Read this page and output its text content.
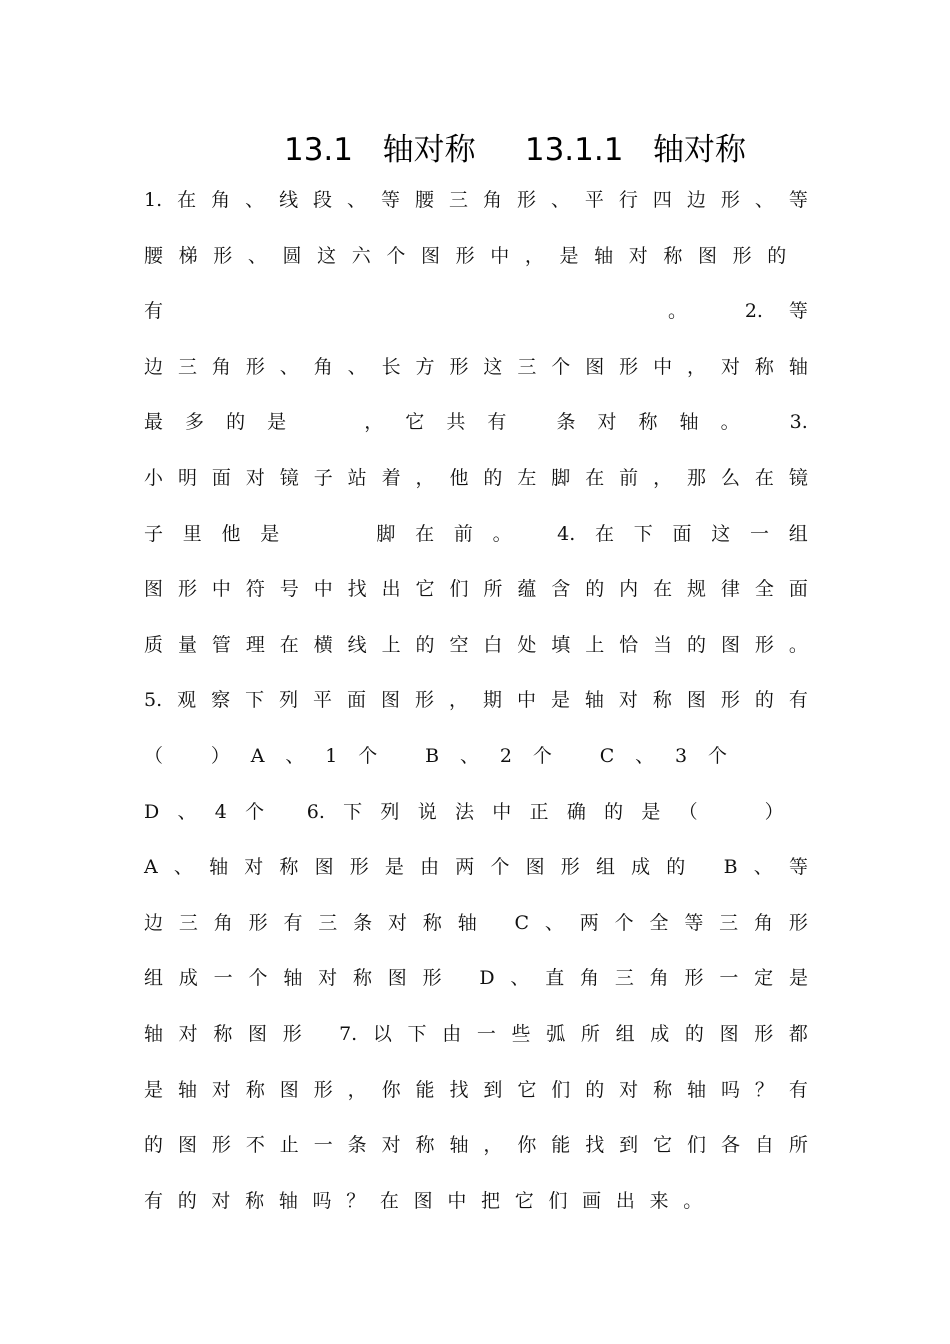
13.1   轴对称     13.1.1   轴对称
1. 在 角 、 线 段 、 等 腰 三 角 形 、 平 行 四 边 形 、 等
腰 梯 形 、 圆 这 六 个 图 形 中 ， 是 轴 对 称 图 形 的

有

	。
	2. 等
边 三 角 形 、 角 、 长 方 形 这 三 个 图 形 中 ， 对 称 轴
最 多 的 是

	， 它 共 有
	条 对 称 轴 。
	3.
小 明 面 对 镜 子 站 着 ， 他 的 左 脚 在 前 ， 那 么 在 镜
子 里 他 是

	脚 在 前 。
4. 在 下 面 这 一 组
图 形 中 符 号 中 找 出 它 们 所 蕴 含 的 内 在 规 律 全 面
质 量 管 理 在 横 线 上 的 空 白 处 填 上 恰 当 的 图 形 。
5. 观 察 下 列 平 面 图 形 ， 期 中 是 轴 对 称 图 形 的 有
（
	） A 、 1 个
	B 、 2 个
	C 、 3 个

D 、 4 个
6. 下 列 说 法 中 正 确 的 是 （

	）

A 、 轴 对 称 图 形 是 由 两 个 图 形 组 成 的
B 、 等
边 三 角 形 有 三 条 对 称 轴
C 、 两 个 全 等 三 角 形
组 成 一 个 轴 对 称 图 形
D 、 直 角 三 角 形 一 定 是
轴 对 称 图 形
7. 以 下 由 一 些 弧 所 组 成 的 图 形 都
是 轴 对 称 图 形 ， 你 能 找 到 它 们 的 对 称 轴 吗 ？ 有
的 图 形 不 止 一 条 对 称 轴 ， 你 能 找 到 它 们 各 自 所
有 的 对 称 轴 吗 ？ 在 图 中 把 它 们 画 出 来 。
